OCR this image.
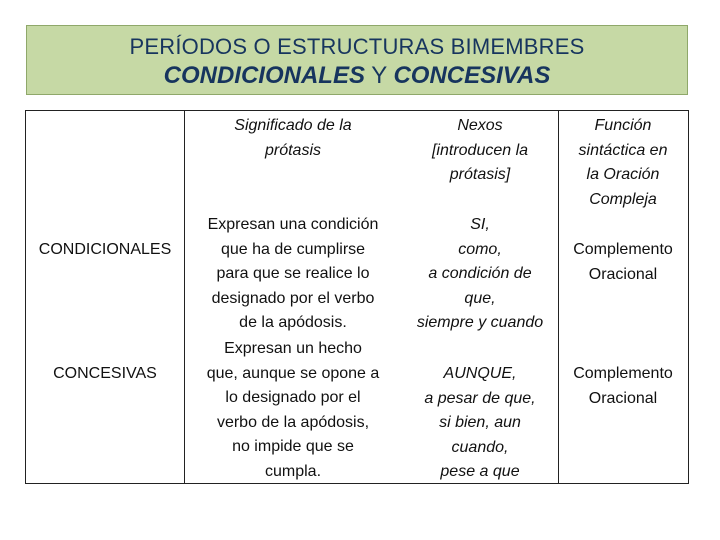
PERÍODOS O ESTRUCTURAS BIMEMBRES
CONDICIONALES Y CONCESIVAS
Significado de la
prótasis
Nexos
[introducen la
prótasis]
Función
sintáctica en
la Oración
Compleja
CONDICIONALES
Expresan una condición
que ha de cumplirse
para que se realice lo
designado por el verbo
de la apódosis.
SI,
como,
a condición de
que,
siempre y cuando
Complemento
Oracional
CONCESIVAS
Expresan un hecho
que, aunque se opone a
lo designado por el
verbo de la apódosis,
no impide que se
cumpla.
AUNQUE,
a pesar de que,
si bien, aun
cuando,
pese a que
Complemento
Oracional
